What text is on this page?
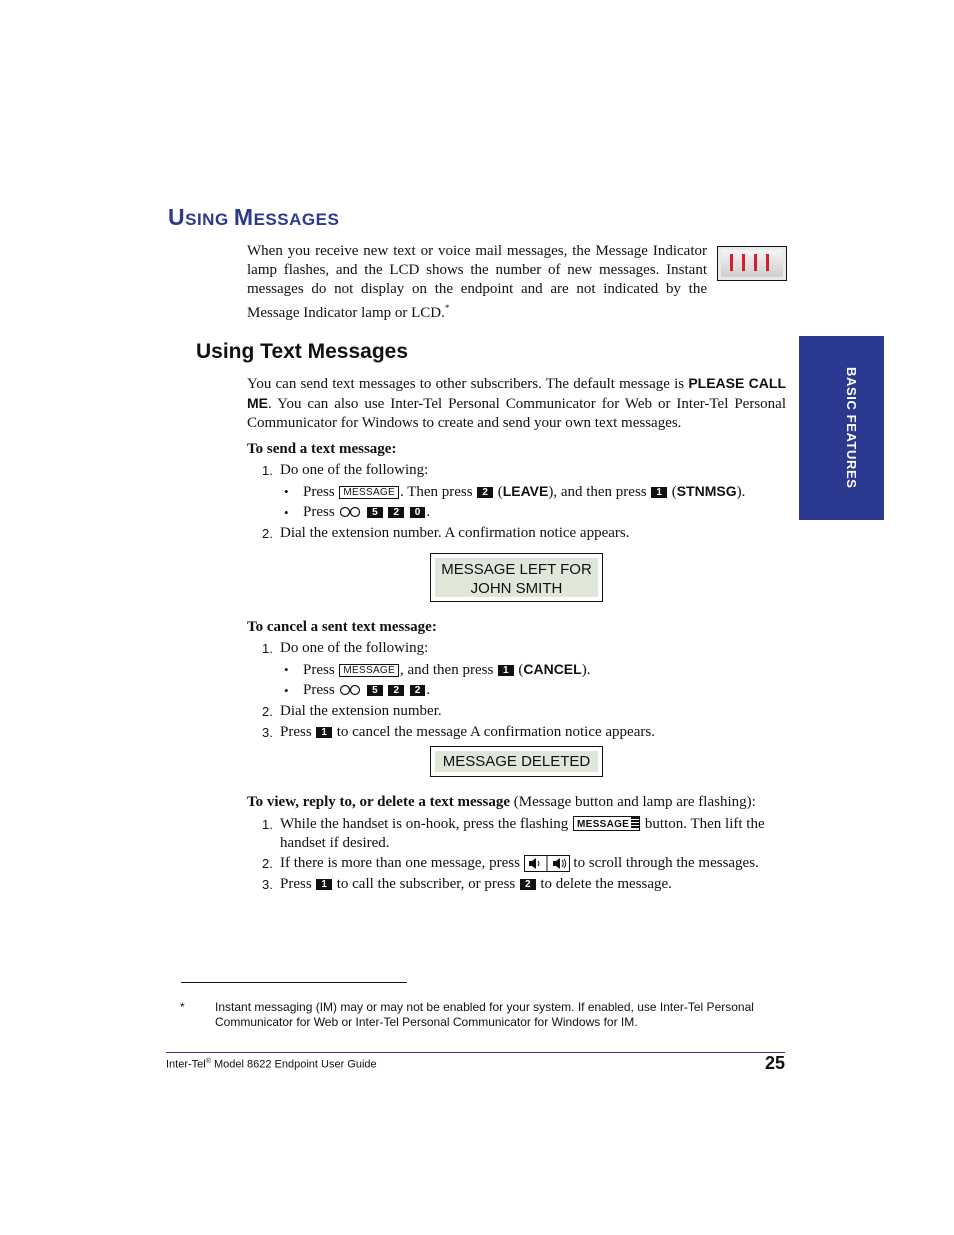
USING MESSAGES
When you receive new text or voice mail messages, the Message Indicator lamp flashes, and the LCD shows the number of new messages. Instant messages do not display on the endpoint and are not indicated by the Message Indicator lamp or LCD.*
Using Text Messages
You can send text messages to other subscribers. The default message is PLEASE CALL ME. You can also use Inter-Tel Personal Communicator for Web or Inter-Tel Personal Communicator for Windows to create and send your own text messages.
To send a text message:
1. Do one of the following:
• Press MESSAGE . Then press 2 (LEAVE), and then press 1 (STNMSG).
• Press	5 2 0 .
2. Dial the extension number. A confirmation notice appears.
MESSAGE LEFT FOR
JOHN SMITH
To cancel a sent text message:
1. Do one of the following:
• Press MESSAGE , and then press 1 (CANCEL).
• Press	5 2 2 .
2. Dial the extension number.
3. Press 1 to cancel the message A confirmation notice appears.
MESSAGE DELETED
To view, reply to, or delete a text message (Message button and lamp are flashing):
1. While the handset is on-hook, press the flashing MESSAGE button. Then lift the handset if desired.
2. If there is more than one message, press	to scroll through the messages.
3. Press 1 to call the subscriber, or press 2 to delete the message.
BASIC FEATURES
*	Instant messaging (IM) may or may not be enabled for your system. If enabled, use Inter-Tel Personal Communicator for Web or Inter-Tel Personal Communicator for Windows for IM.
Inter-Tel® Model 8622 Endpoint User Guide	25
